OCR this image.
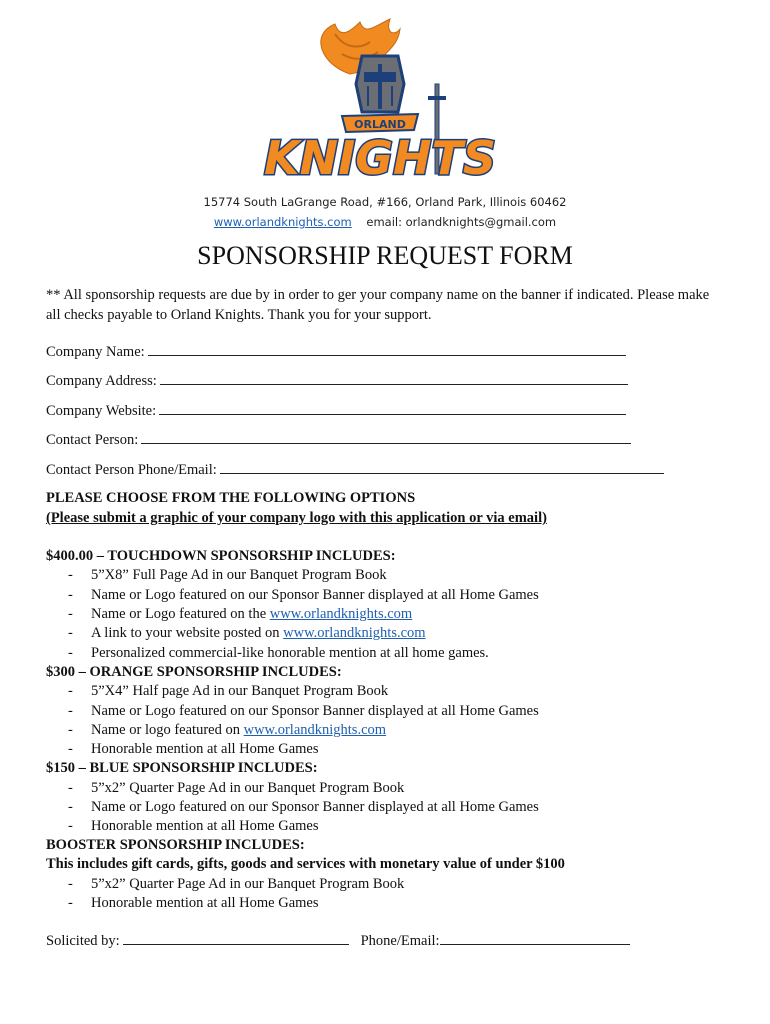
ORLAND
KNIGHTS
15774 South LaGrange Road, #166, Orland Park, Illinois 60462
www.orlandknights.com email: orlandknights@gmail.com
SPONSORSHIP REQUEST FORM
** All sponsorship requests are due by in order to ger your company name on the banner if indicated. Please make all checks payable to Orland Knights. Thank you for your support.
Company Name:
Company Address:
Company Website:
Contact Person:
Contact Person Phone/Email:
PLEASE CHOOSE FROM THE FOLLOWING OPTIONS
(Please submit a graphic of your company logo with this application or via email)
$400.00 – TOUCHDOWN SPONSORSHIP INCLUDES:
- 5”X8” Full Page Ad in our Banquet Program Book
- Name or Logo featured on our Sponsor Banner displayed at all Home Games
- Name or Logo featured on the www.orlandknights.com
- A link to your website posted on www.orlandknights.com
- Personalized commercial-like honorable mention at all home games.
$300 – ORANGE SPONSORSHIP INCLUDES:
- 5”X4” Half page Ad in our Banquet Program Book
- Name or Logo featured on our Sponsor Banner displayed at all Home Games
- Name or logo featured on www.orlandknights.com
- Honorable mention at all Home Games
$150 – BLUE SPONSORSHIP INCLUDES:
- 5”x2” Quarter Page Ad in our Banquet Program Book
- Name or Logo featured on our Sponsor Banner displayed at all Home Games
- Honorable mention at all Home Games
BOOSTER SPONSORSHIP INCLUDES:
This includes gift cards, gifts, goods and services with monetary value of under $100
- 5”x2” Quarter Page Ad in our Banquet Program Book
- Honorable mention at all Home Games
Solicited by:	Phone/Email:
